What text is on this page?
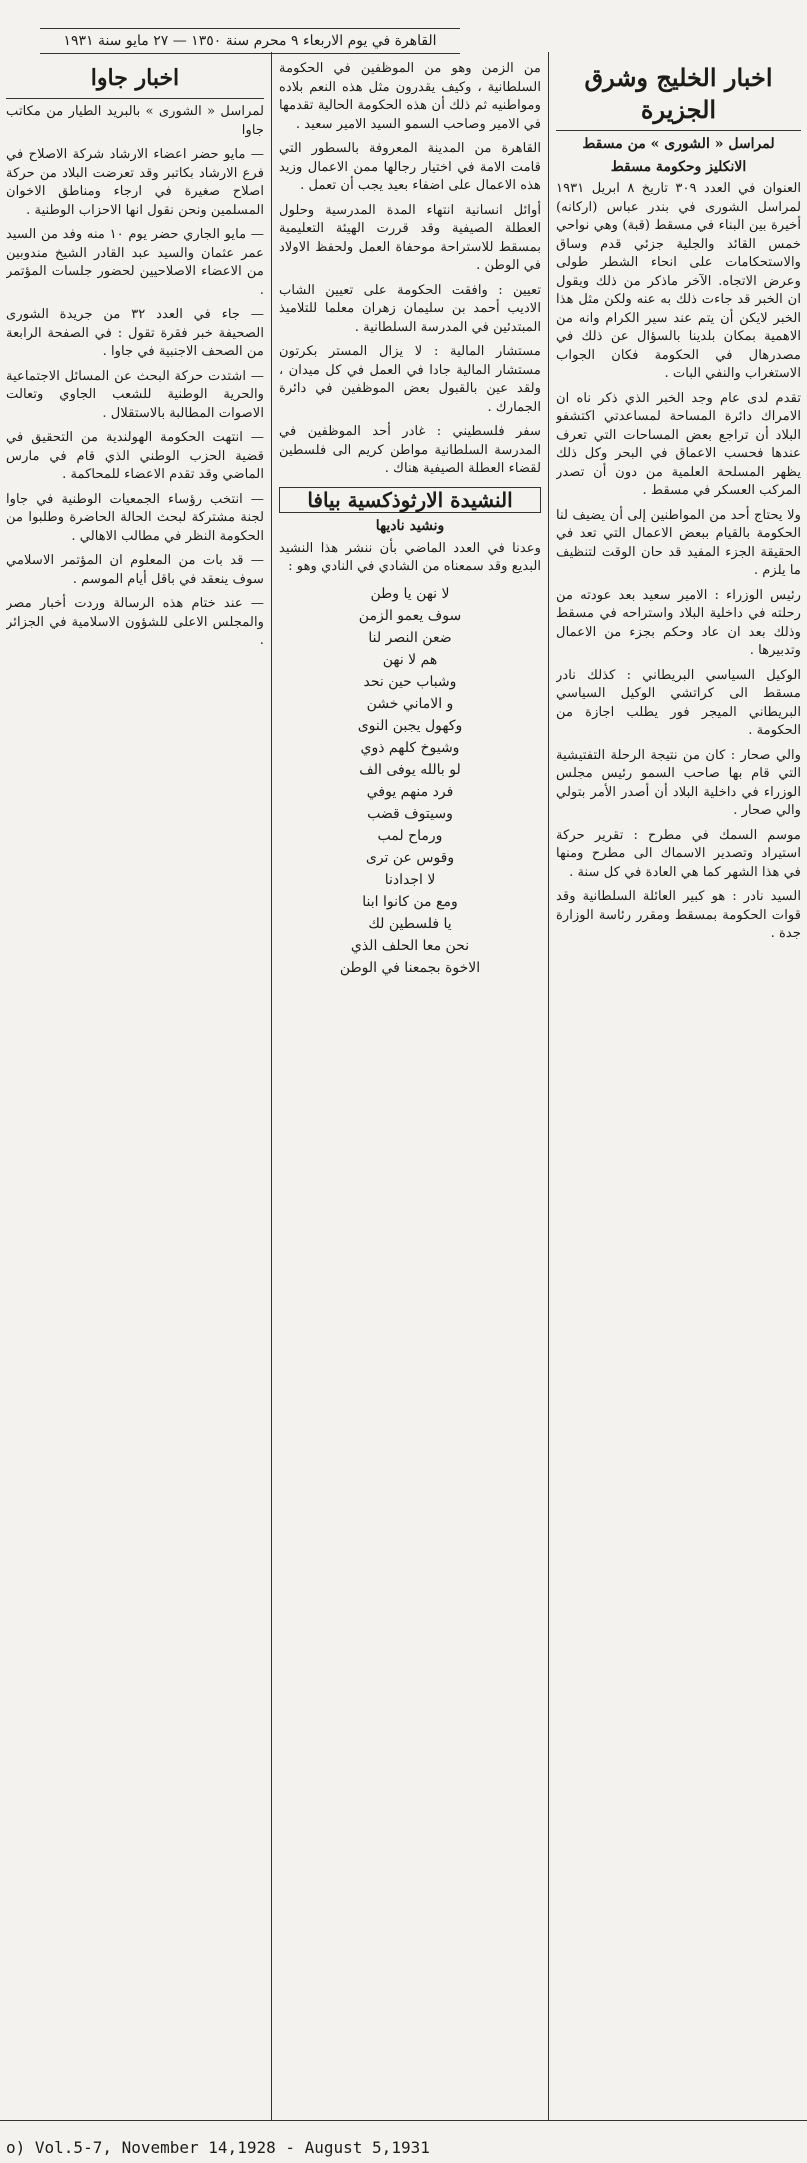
القاهرة في يوم الاربعاء ٩ محرم سنة ١٣٥٠ — ٢٧ مايو سنة ١٩٣١
اخبار الخليج وشرق الجزيرة
لمراسل « الشورى » من مسقط
الانكليز وحكومة مسقط

العنوان في العدد ٣٠٩ تاريخ ٨ ابريل ١٩٣١ لمراسل الشورى في بندر عباس (اركانه) أخيرة بين البناء في مسقط (قبة) وهي نواحي خمس القائد والجلية جزئي قدم وساق والاستحكامات على انحاء الشطر طولى وعرض الاتجاه. الآخر ماذكر من ذلك ويقول ان الخبر قد جاءت ذلك به عنه ولكن مثل هذا الخبر لايكن أن يتم عند سير الكرام وانه من الاهمية بمكان بلدينا بالسؤال عن ذلك في مصدرهال في الحكومة فكان الجواب الاستغراب والنفي البات .

تقدم لدى عام وجد الخبر الذي ذكر ناه ان الامراك دائرة المساحة لمساعدتي اكتشفو البلاد أن تراجع بعض المساحات التي تعرف عندها فحسب الاعماق في البحر وكل ذلك يظهر المسلحة العلمية من دون أن تصدر المركب العسكر في مسقط .

ولا يحتاج أحد من المواطنين إلى أن يضيف لنا الحكومة بالقيام ببعض الاعمال التي تعد في الحقيقة الجزء المفيد قد حان الوقت لتنظيف ما يلزم .

رئيس الوزراء : الامير سعيد بعد عودته من رحلته في داخلية البلاد واستراحه في مسقط وذلك بعد ان عاد وحكم بجزء من الاعمال وتدبيرها .

الوكيل السياسي البريطاني : كذلك نادر مسقط الى كراتشي الوكيل السياسي البريطاني الميجر فور يطلب اجازة من الحكومة .

والي صحار : كان من نتيجة الرحلة التفتيشية التي قام بها صاحب السمو رئيس مجلس الوزراء في داخلية البلاد أن أصدر الأمر بتولي والي صحار .

موسم السمك في مطرح : تقرير حركة استيراد وتصدير الاسماك الى مطرح ومنها في هذا الشهر كما هي العادة في كل سنة .

السيد نادر : هو كبير العائلة السلطانية وقد قوات الحكومة بمسقط ومقرر رئاسة الوزارة جدة .

من الزمن وهو من الموظفين في الحكومة السلطانية ، وكيف يقدرون مثل هذه النعم بلاده ومواطنيه ثم ذلك أن هذه الحكومة الحالية تقدمها في الامير وصاحب السمو السيد الامير سعيد .

القاهرة من المدينة المعروفة بالسطور التي قامت الامة في اختيار رجالها ممن الاعمال وزيد هذه الاعمال على اضفاء بعيد يجب أن تعمل .

أوائل انسانية انتهاء المدة المدرسية وحلول العطلة الصيفية وقد قررت الهيئة التعليمية بمسقط للاستراحة موحفاة العمل ولحفظ الاولاد في الوطن .

تعيين : وافقت الحكومة على تعيين الشاب الاديب أحمد بن سليمان زهران معلما للتلاميذ المبتدئين في المدرسة السلطانية .

مستشار المالية : لا يزال المستر بكرتون مستشار المالية جادا في العمل في كل ميدان ، ولقد عين بالقبول بعض الموظفين في دائرة الجمارك .

سفر فلسطيني : غادر أحد الموظفين في المدرسة السلطانية مواطن كريم الى فلسطين لقضاء العطلة الصيفية هناك .

النشيدة الارثوذكسية بيافا
ونشيد ناديها

وعدنا في العدد الماضي بأن ننشر هذا النشيد البديع وقد سمعناه من الشادي في النادي وهو :

لا نهن يا وطن
سوف يعمو الزمن
ضعن النصر لنا
هم لا نهن
وشباب حين نحد
و الاماني خشن
وكهول يجبن النوى
وشيوخ كلهم ذوي
لو بالله يوفى الف
فرد منهم يوفي
وسيتوف قضب
ورماح لمب
وقوس عن ترى
لا اجدادنا
ومع من كانوا ابنا
يا فلسطين لك
نحن معا الحلف الذي
الاخوة بجمعنا في الوطن
اخبار جاوا

لمراسل « الشورى » بالبريد الطيار من مكاتب جاوا

— مايو حضر اعضاء الارشاد شركة الاصلاح في فرع الارشاد بكاتبر وقد تعرضت البلاد من حركة اصلاح صغيرة في ارجاء ومناطق الاخوان المسلمين ونحن نقول انها الاحزاب الوطنية .

— مايو الجاري حضر يوم ١٠ منه وفد من السيد عمر عثمان والسيد عبد القادر الشيخ مندوبين من الاعضاء الاصلاحيين لحضور جلسات المؤتمر .

— جاء في العدد ٣٢ من جريدة الشورى الصحيفة خبر فقرة تقول : في الصفحة الرابعة من الصحف الاجنبية في جاوا .

— اشتدت حركة البحث عن المسائل الاجتماعية والحرية الوطنية للشعب الجاوي وتعالت الاصوات المطالبة بالاستقلال .

— انتهت الحكومة الهولندية من التحقيق في قضية الحزب الوطني الذي قام في مارس الماضي وقد تقدم الاعضاء للمحاكمة .

— انتخب رؤساء الجمعيات الوطنية في جاوا لجنة مشتركة لبحث الحالة الحاضرة وطلبوا من الحكومة النظر في مطالب الاهالي .

— قد بات من المعلوم ان المؤتمر الاسلامي سوف ينعقد في باقل أيام الموسم .

— عند ختام هذه الرسالة وردت أخبار مصر والمجلس الاعلى للشؤون الاسلامية في الجزائر .

o) Vol.5-7, November 14,1928 - August 5,1931
